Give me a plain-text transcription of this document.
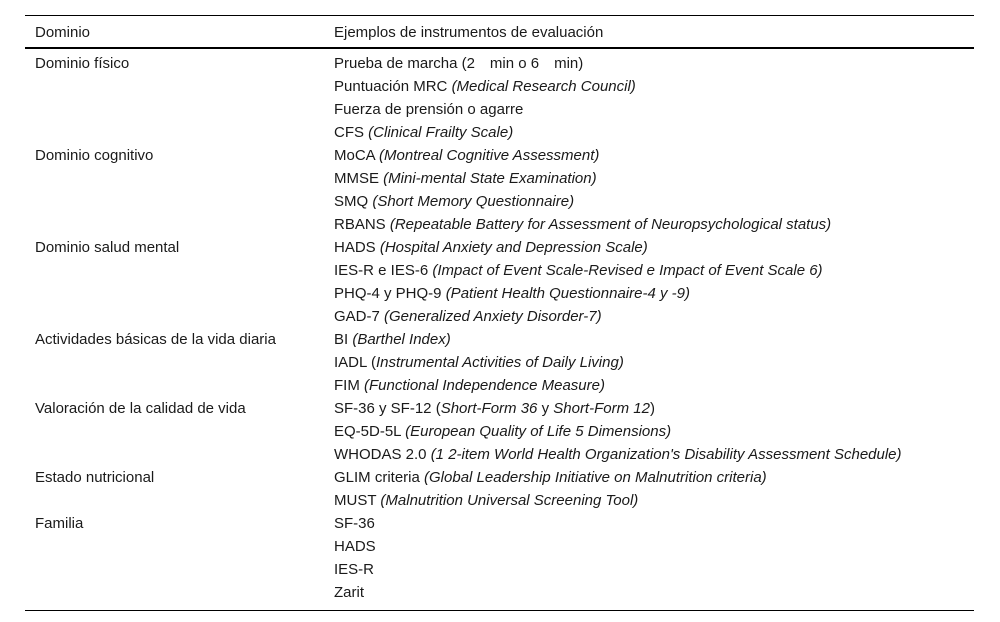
Dominio	Ejemplos de instrumentos de evaluación
Dominio físico	Prueba de marcha (2 min o 6 min)
Puntuación MRC (Medical Research Council)
Fuerza de prensión o agarre
CFS (Clinical Frailty Scale)
Dominio cognitivo	MoCA (Montreal Cognitive Assessment)
MMSE (Mini-mental State Examination)
SMQ (Short Memory Questionnaire)
RBANS (Repeatable Battery for Assessment of Neuropsychological status)
Dominio salud mental	HADS (Hospital Anxiety and Depression Scale)
IES-R e IES-6 (Impact of Event Scale-Revised e Impact of Event Scale 6)
PHQ-4 y PHQ-9 (Patient Health Questionnaire-4 y -9)
GAD-7 (Generalized Anxiety Disorder-7)
Actividades básicas de la vida diaria	BI (Barthel Index)
IADL (Instrumental Activities of Daily Living)
FIM (Functional Independence Measure)
Valoración de la calidad de vida	SF-36 y SF-12 (Short-Form 36 y Short-Form 12)
EQ-5D-5L (European Quality of Life 5 Dimensions)
WHODAS 2.0 (1 2-item World Health Organization's Disability Assessment Schedule)
Estado nutricional	GLIM criteria (Global Leadership Initiative on Malnutrition criteria)
MUST (Malnutrition Universal Screening Tool)
Familia	SF-36
HADS
IES-R
Zarit
